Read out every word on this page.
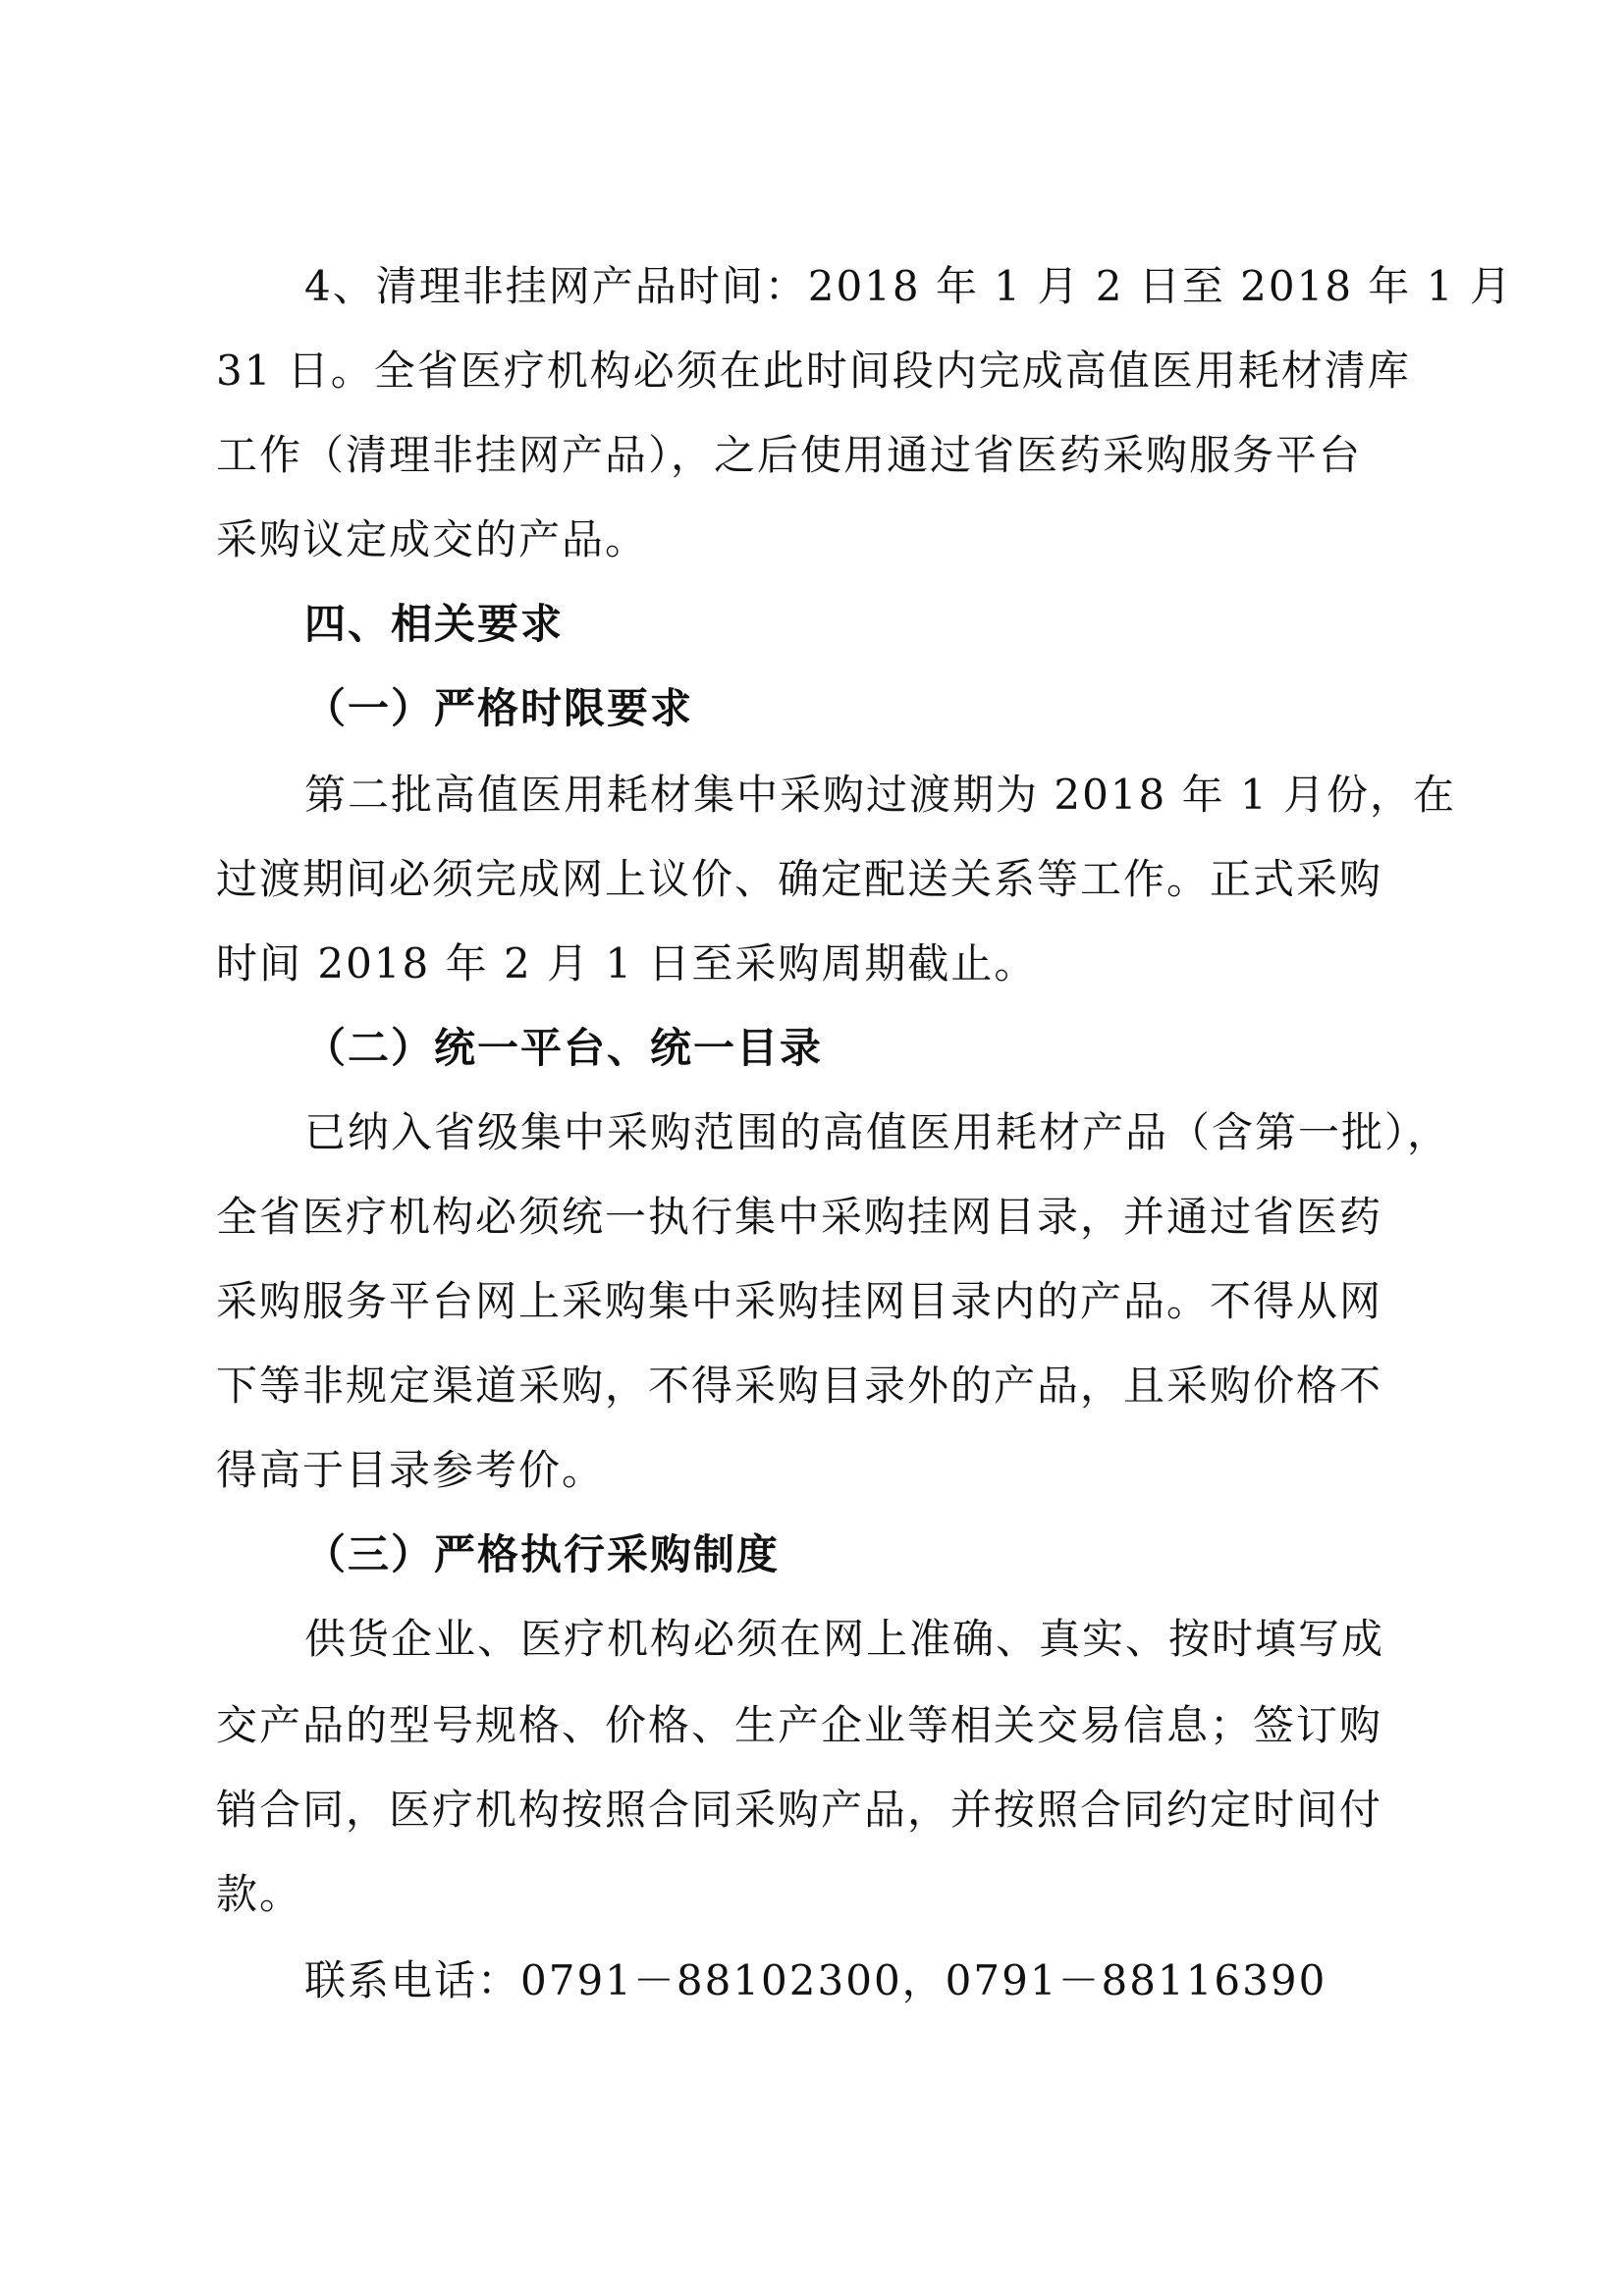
4、清理非挂网产品时间：2018 年 1 月 2 日至 2018 年 1 月
31 日。全省医疗机构必须在此时间段内完成高值医用耗材清库
工作（清理非挂网产品），之后使用通过省医药采购服务平台
采购议定成交的产品。
四、相关要求
（一）严格时限要求
第二批高值医用耗材集中采购过渡期为 2018 年 1 月份，在
过渡期间必须完成网上议价、确定配送关系等工作。正式采购
时间 2018 年 2 月 1 日至采购周期截止。
（二）统一平台、统一目录
已纳入省级集中采购范围的高值医用耗材产品（含第一批），
全省医疗机构必须统一执行集中采购挂网目录，并通过省医药
采购服务平台网上采购集中采购挂网目录内的产品。不得从网
下等非规定渠道采购，不得采购目录外的产品，且采购价格不
得高于目录参考价。
（三）严格执行采购制度
供货企业、医疗机构必须在网上准确、真实、按时填写成
交产品的型号规格、价格、生产企业等相关交易信息；签订购
销合同，医疗机构按照合同采购产品，并按照合同约定时间付
款。
联系电话：0791－88102300，0791－88116390
